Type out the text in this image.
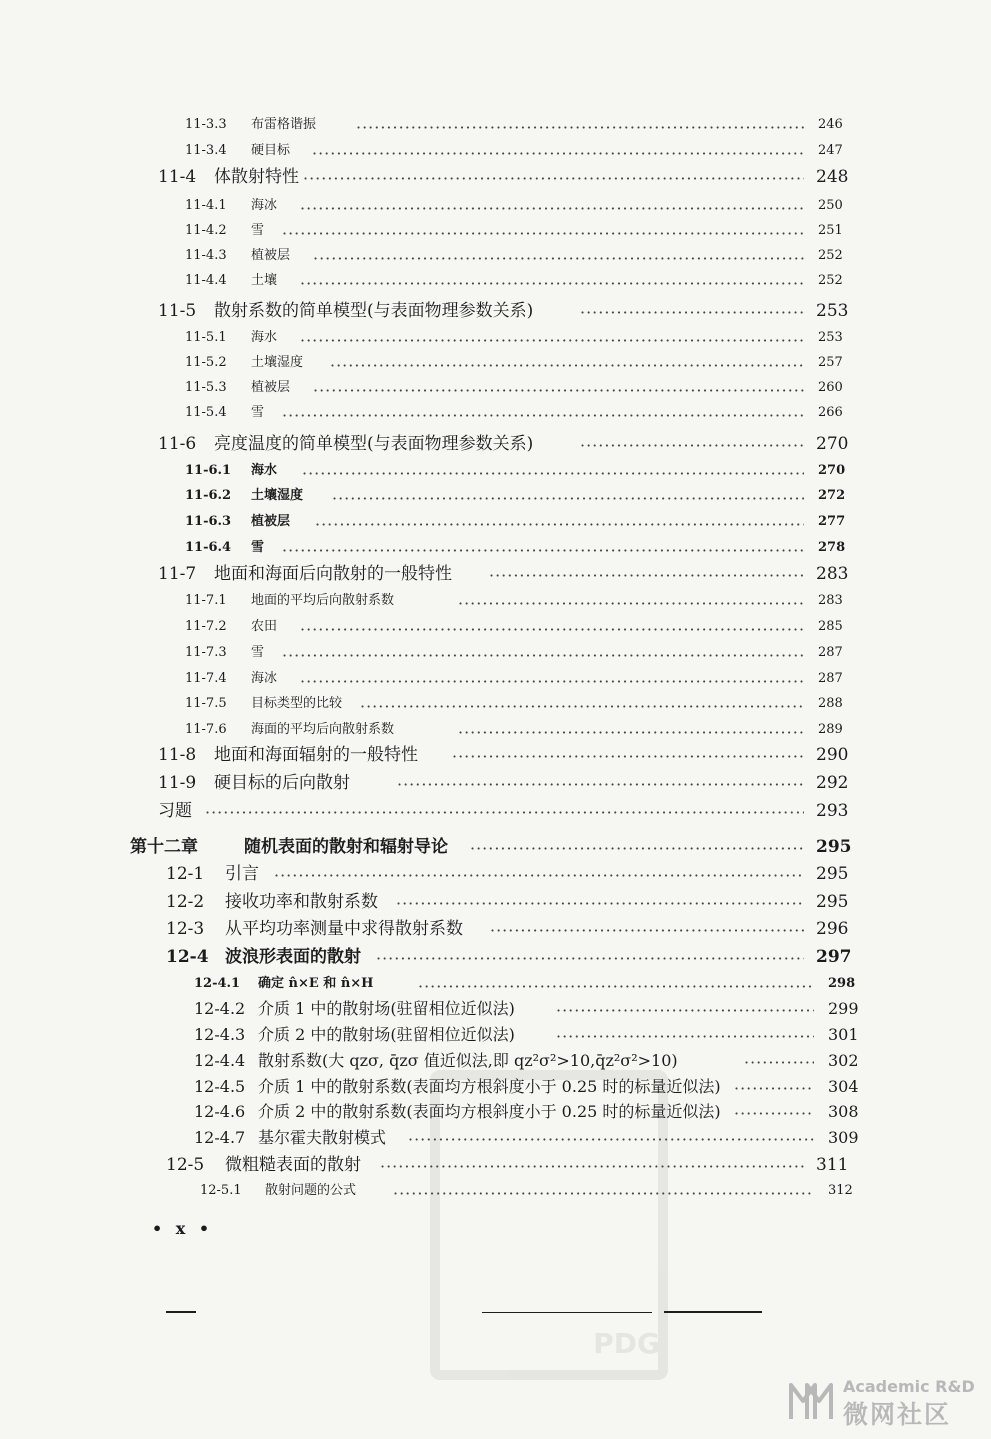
11-3.3 布雷格谐振 ·····	246
11-3.4 硬目标 ·····	247
11-4 体散射特性 ·····	248
11-4.1 海冰 ·····	250
11-4.2 雪 ·····	251
11-4.3 植被层 ·····	252
11-4.4 土壤 ·····	252
11-5 散射系数的简单模型(与表面物理参数关系) ·····	253
11-5.1 海水 ·····	253
11-5.2 土壤湿度 ·····	257
11-5.3 植被层 ·····	260
11-5.4 雪 ·····	266
11-6 亮度温度的简单模型(与表面物理参数关系) ·····	270
11-6.1 海水 ·····	270
11-6.2 土壤湿度 ·····	272
11-6.3 植被层 ·····	277
11-6.4 雪 ·····	278
11-7 地面和海面后向散射的一般特性 ·····	283
11-7.1 地面的平均后向散射系数 ·····	283
11-7.2 农田 ·····	285
11-7.3 雪 ·····	287
11-7.4 海冰 ·····	287
11-7.5 目标类型的比较 ·····	288
11-7.6 海面的平均后向散射系数 ·····	289
11-8 地面和海面辐射的一般特性 ·····	290
11-9 硬目标的后向散射 ·····	292
习题 ·····	293
第十二章	随机表面的散射和辐射导论 ·····	295
12-1 引言 ·····	295
12-2 接收功率和散射系数 ·····	295
12-3 从平均功率测量中求得散射系数 ·····	296
12-4 波浪形表面的散射 ·····	297
12-4.1 确定 n̂×E 和 n̂×H ·····	298
12-4.2 介质 1 中的散射场(驻留相位近似法) ·····	299
12-4.3 介质 2 中的散射场(驻留相位近似法) ·····	301
12-4.4 散射系数(大 qzσ, q̄zσ 值近似法,即 qz²σ²>10,q̄z²σ²>10) ·····	302
12-4.5 介质 1 中的散射系数(表面均方根斜度小于 0.25 时的标量近似法) ·····	304
12-4.6 介质 2 中的散射系数(表面均方根斜度小于 0.25 时的标量近似法) ·····	308
12-4.7 基尔霍夫散射模式 ·····	309
12-5 微粗糙表面的散射 ·····	311
12-5.1 散射问题的公式 ·····	312
• x •
PDG
Academic R&D
微网社区
